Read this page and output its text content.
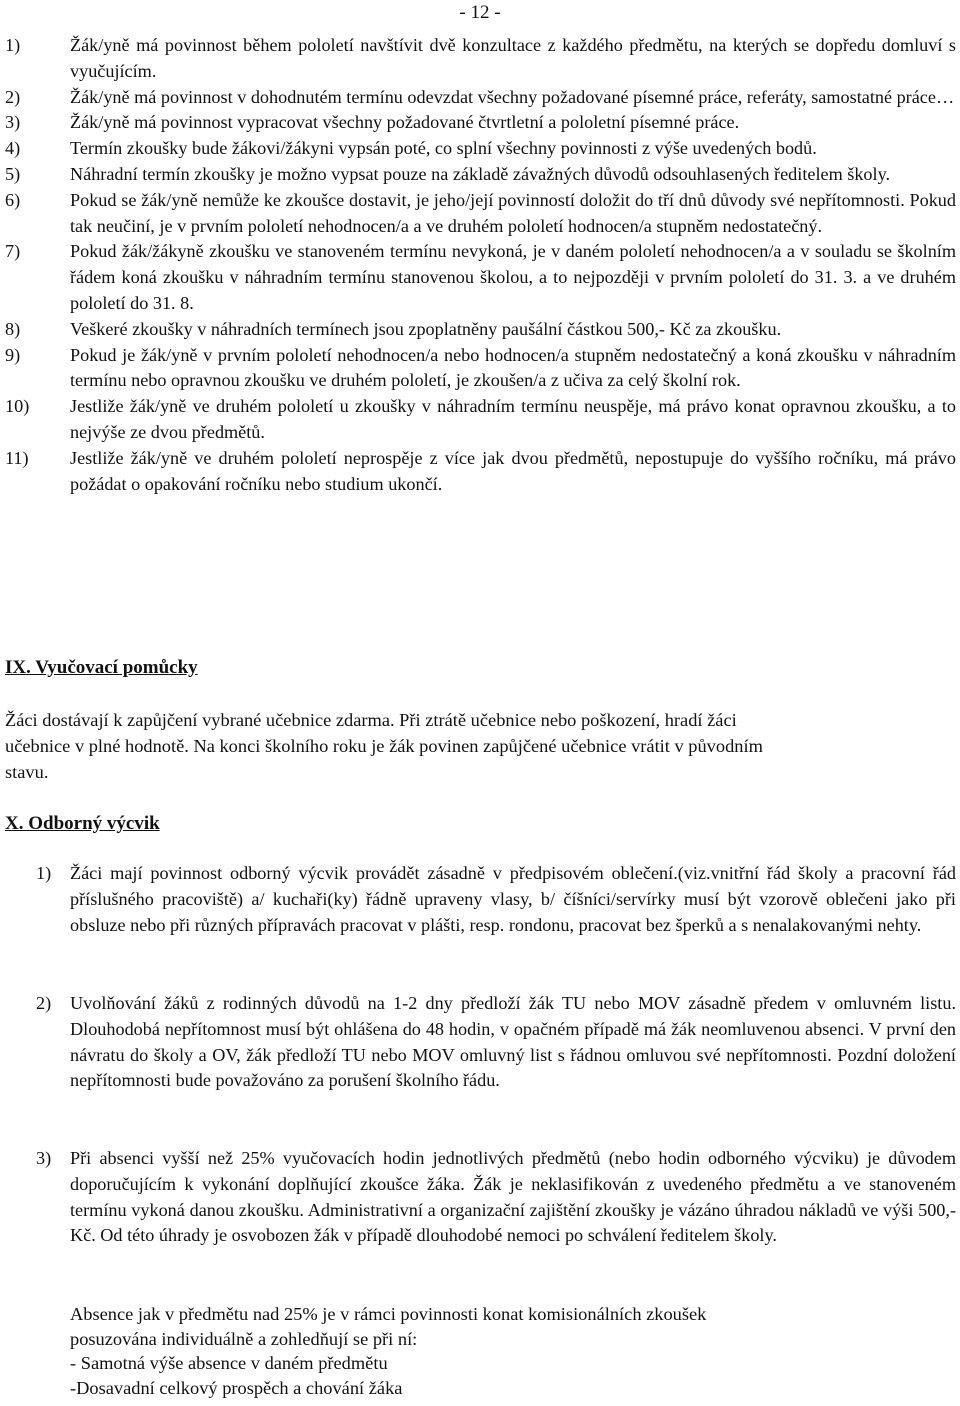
- 12 -
1)	Žák/yně má povinnost během pololetí navštívit dvě konzultace z každého předmětu, na kterých se dopředu domluví s vyučujícím.
2)	Žák/yně má povinnost v dohodnutém termínu odevzdat všechny požadované písemné práce, referáty, samostatné práce…
3)	Žák/yně má povinnost vypracovat všechny požadované čtvrtletní a pololetní písemné práce.
4)	Termín zkoušky bude žákovi/žákyni vypsán poté, co splní všechny povinnosti z výše uvedených bodů.
5)	Náhradní termín zkoušky je možno vypsat pouze na základě závažných důvodů odsouhlasených ředitelem školy.
6)	Pokud se žák/yně nemůže ke zkoušce dostavit, je jeho/její povinností doložit do tří dnů důvody své nepřítomnosti. Pokud tak neučiní, je v prvním pololetí nehodnocen/a a ve druhém pololetí hodnocen/a stupněm nedostatečný.
7)	Pokud žák/žákyně zkoušku ve stanoveném termínu nevykoná, je v daném pololetí nehodnocen/a a v souladu se školním řádem koná zkoušku v náhradním termínu stanovenou školou, a to nejpozději v prvním pololetí do 31. 3. a ve druhém pololetí do 31. 8.
8)	Veškeré zkoušky v náhradních termínech jsou zpoplatněny paušální částkou 500,- Kč za zkoušku.
9)	Pokud je žák/yně v prvním pololetí nehodnocen/a nebo hodnocen/a stupněm nedostatečný a koná zkoušku v náhradním termínu nebo opravnou zkoušku ve druhém pololetí, je zkoušen/a z učiva za celý školní rok.
10) Jestliže žák/yně ve druhém pololetí u zkoušky v náhradním termínu neuspěje, má právo konat opravnou zkoušku, a to nejvýše ze dvou předmětů.
11) Jestliže žák/yně ve druhém pololetí neprospěje z více jak dvou předmětů, nepostupuje do vyššího ročníku, má právo požádat o opakování ročníku nebo studium ukončí.
IX. Vyučovací pomůcky
Žáci dostávají k zapůjčení vybrané učebnice zdarma. Při ztrátě učebnice nebo poškození, hradí žáci
učebnice v plné hodnotě. Na konci školního roku je žák povinen zapůjčené učebnice vrátit v původním
stavu.
X. Odborný výcvik
1) Žáci mají povinnost odborný výcvik provádět zásadně v předpisovém oblečení.(viz.vnitřní řád školy a pracovní řád příslušného pracoviště) a/ kuchaři(ky) řádně upraveny vlasy, b/ číšníci/servírky musí být vzorově oblečeni jako při obsluze nebo při různých přípravách pracovat v plášti, resp. rondonu, pracovat bez šperků a s nenalakovanými nehty.
2) Uvolňování žáků z rodinných důvodů na 1-2 dny předloží žák TU nebo MOV zásadně předem v omluvném listu. Dlouhodobá nepřítomnost musí být ohlášena do 48 hodin, v opačném případě má žák neomluvenou absenci. V první den návratu do školy a OV, žák předloží TU nebo MOV omluvný list s řádnou omluvou své nepřítomnosti. Pozdní doložení nepřítomnosti bude považováno za porušení školního řádu.
3) Při absenci vyšší než 25% vyučovacích hodin jednotlivých předmětů (nebo hodin odborného výcviku) je důvodem doporučujícím k vykonání doplňující zkoušce žáka. Žák je neklasifikován z uvedeného předmětu a ve stanoveném termínu vykoná danou zkoušku. Administrativní a organizační zajištění zkoušky je vázáno úhradou nákladů ve výši 500,- Kč. Od této úhrady je osvobozen žák v případě dlouhodobé nemoci po schválení ředitelem školy.
Absence jak v předmětu nad 25% je v rámci povinnosti konat komisionálních zkoušek
posuzována individuálně a zohledňují se při ní:
- Samotná výše absence v daném předmětu
-Dosavadní celkový prospěch a chování žáka
